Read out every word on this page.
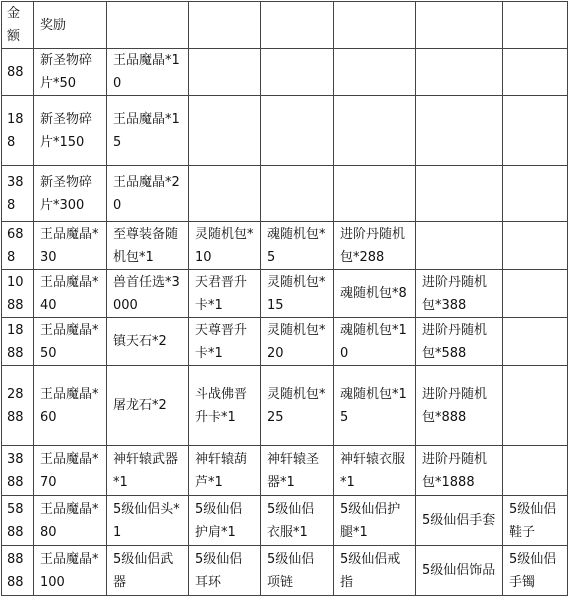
金额	奖励						
88	新圣物碎片*50	王品魔晶*10					
188	新圣物碎片*150	王品魔晶*15					
388	新圣物碎片*300	王品魔晶*20					
688	王品魔晶*30	至尊装备随机包*1	灵随机包*10	魂随机包*5	进阶丹随机包*288		
1088	王品魔晶*40	兽首任选*3000	天君晋升卡*1	灵随机包*15	魂随机包*8	进阶丹随机包*388	
1888	王品魔晶*50	镇天石*2	天尊晋升卡*1	灵随机包*20	魂随机包*10	进阶丹随机包*588	
2888	王品魔晶*60	屠龙石*2	斗战佛晋升卡*1	灵随机包*25	魂随机包*15	进阶丹随机包*888	
3888	王品魔晶*70	神轩辕武器*1	神轩辕葫芦*1	神轩辕圣器*1	神轩辕衣服*1	进阶丹随机包*1888	
5888	王品魔晶*80	5级仙侣头*1	5级仙侣护肩*1	5级仙侣衣服*1	5级仙侣护腿*1	5级仙侣手套	5级仙侣鞋子
8888	王品魔晶*100	5级仙侣武器	5级仙侣耳环	5级仙侣项链	5级仙侣戒指	5级仙侣饰品	5级仙侣手镯
